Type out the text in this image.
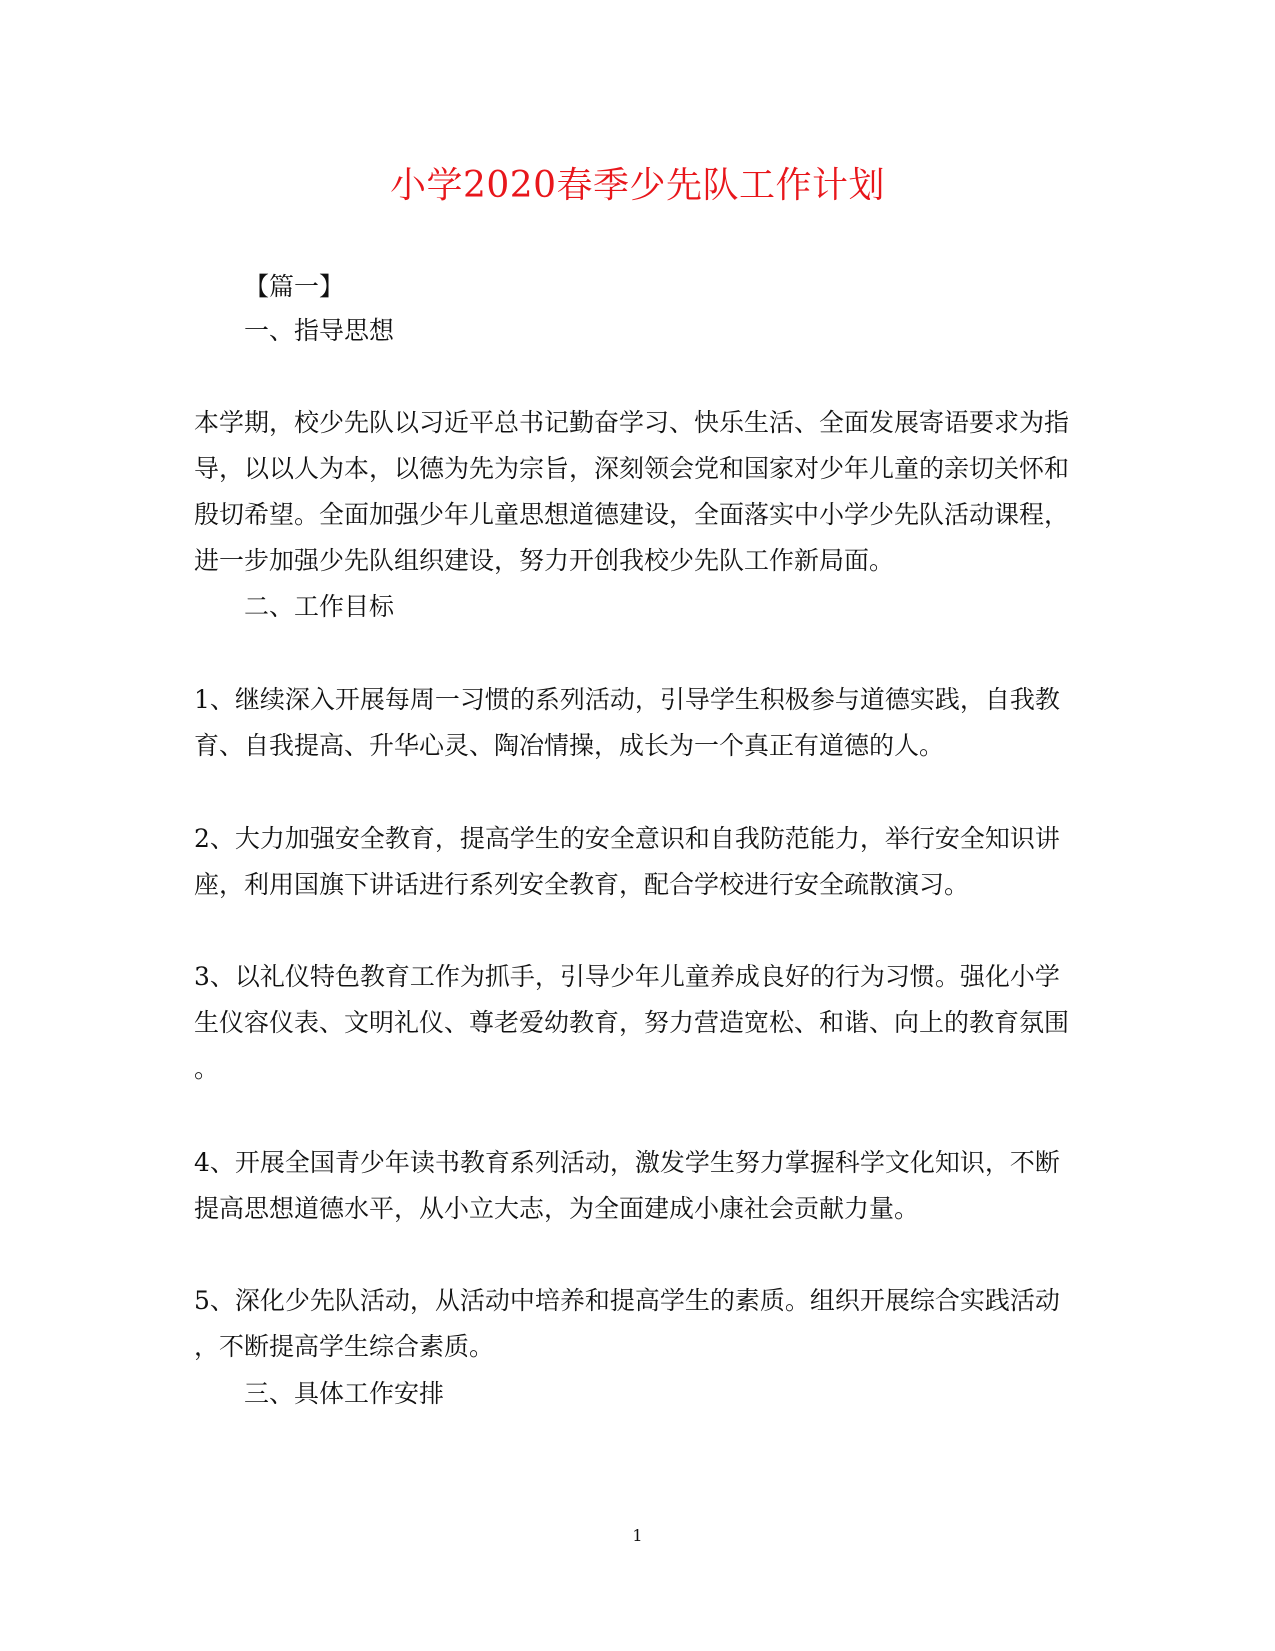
小学2020春季少先队工作计划
【篇一】
一、指导思想
本学期，校少先队以习近平总书记勤奋学习、快乐生活、全面发展寄语要求为指
导，以以人为本，以德为先为宗旨，深刻领会党和国家对少年儿童的亲切关怀和
殷切希望。全面加强少年儿童思想道德建设，全面落实中小学少先队活动课程，
进一步加强少先队组织建设，努力开创我校少先队工作新局面。
二、工作目标
1、继续深入开展每周一习惯的系列活动，引导学生积极参与道德实践，自我教
育、自我提高、升华心灵、陶冶情操，成长为一个真正有道德的人。
2、大力加强安全教育，提高学生的安全意识和自我防范能力，举行安全知识讲
座，利用国旗下讲话进行系列安全教育，配合学校进行安全疏散演习。
3、以礼仪特色教育工作为抓手，引导少年儿童养成良好的行为习惯。强化小学
生仪容仪表、文明礼仪、尊老爱幼教育，努力营造宽松、和谐、向上的教育氛围
。
4、开展全国青少年读书教育系列活动，激发学生努力掌握科学文化知识，不断
提高思想道德水平，从小立大志，为全面建成小康社会贡献力量。
5、深化少先队活动，从活动中培养和提高学生的素质。组织开展综合实践活动
，不断提高学生综合素质。
三、具体工作安排
1
